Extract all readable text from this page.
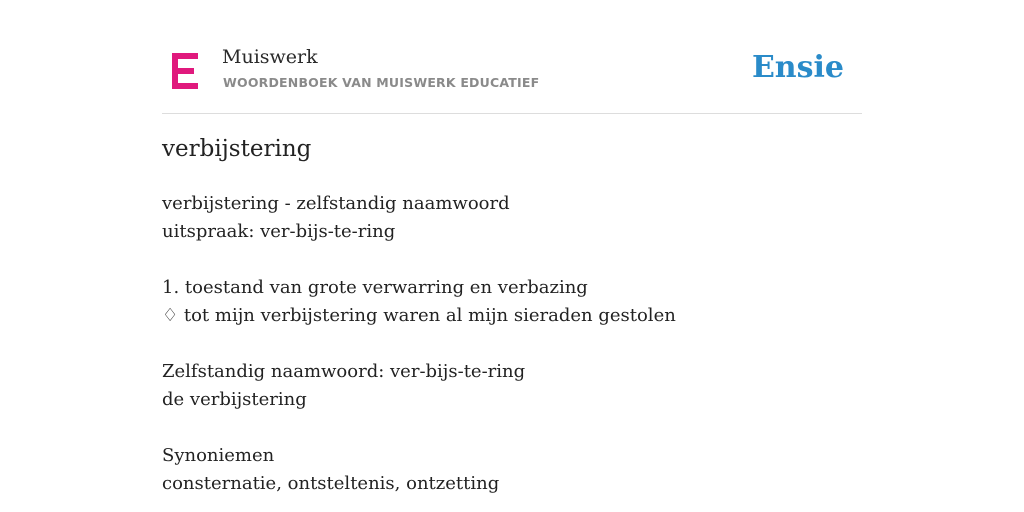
Muiswerk
WOORDENBOEK VAN MUISWERK EDUCATIEF	Ensie
verbijstering
verbijstering - zelfstandig naamwoord
uitspraak: ver-bijs-te-ring
1. toestand van grote verwarring en verbazing
♢ tot mijn verbijstering waren al mijn sieraden gestolen
Zelfstandig naamwoord: ver-bijs-te-ring
de verbijstering
Synoniemen
consternatie, ontsteltenis, ontzetting
